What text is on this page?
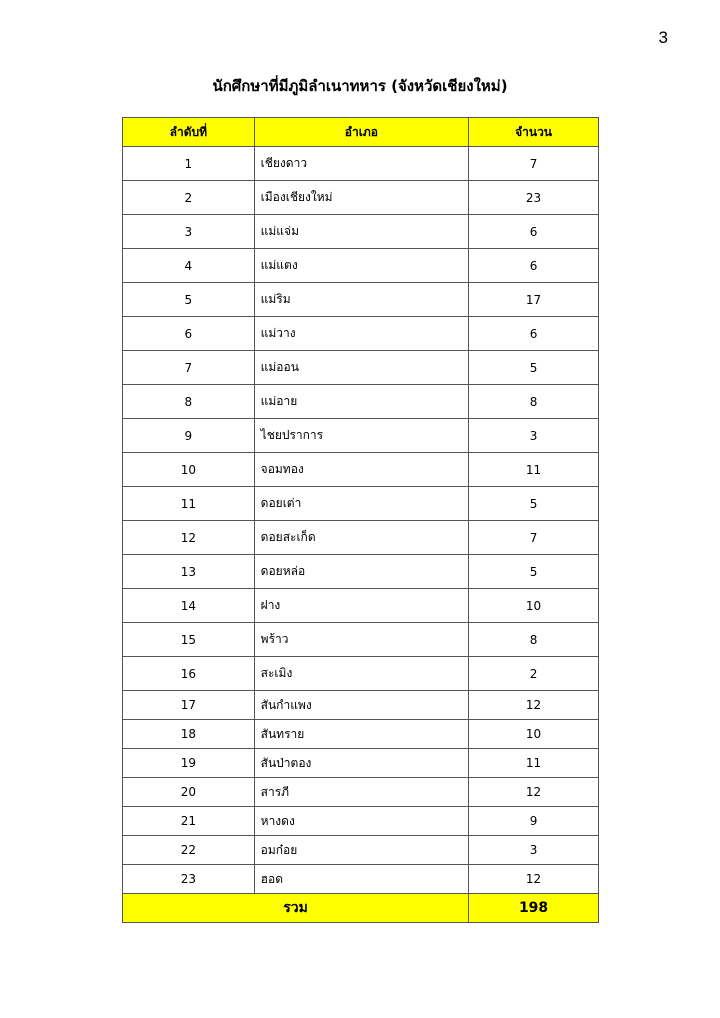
3
นักศึกษาที่มีภูมิลำเนาทหาร (จังหวัดเชียงใหม่)
ลำดับที่	อำเภอ	จำนวน
1	เชียงดาว	7
2	เมืองเชียงใหม่	23
3	แม่แจ่ม	6
4	แม่แตง	6
5	แม่ริม	17
6	แม่วาง	6
7	แม่ออน	5
8	แม่อาย	8
9	ไชยปราการ	3
10	จอมทอง	11
11	ดอยเต่า	5
12	ดอยสะเก็ด	7
13	ดอยหล่อ	5
14	ฝาง	10
15	พร้าว	8
16	สะเมิง	2
17	สันกำแพง	12
18	สันทราย	10
19	สันป่าตอง	11
20	สารภี	12
21	หางดง	9
22	อมก๋อย	3
23	ฮอด	12
รวม		198
